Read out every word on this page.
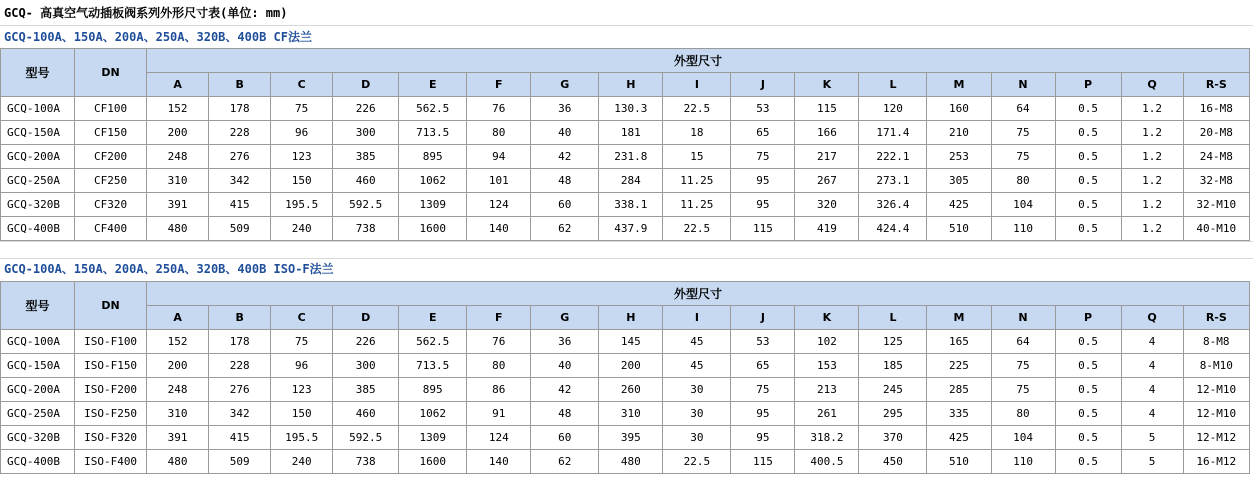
GCQ- 高真空气动插板阀系列外形尺寸表(单位: mm)
GCQ-100A、150A、200A、250A、320B、400B CF法兰
型号	DN	外型尺寸																
		A	B	C	D	E	F	G	H	I	J	K	L	M	N	P	Q	R-S
GCQ-100A	CF100	152	178	75	226	562.5	76	36	130.3	22.5	53	115	120	160	64	0.5	1.2	16-M8
GCQ-150A	CF150	200	228	96	300	713.5	80	40	181	18	65	166	171.4	210	75	0.5	1.2	20-M8
GCQ-200A	CF200	248	276	123	385	895	94	42	231.8	15	75	217	222.1	253	75	0.5	1.2	24-M8
GCQ-250A	CF250	310	342	150	460	1062	101	48	284	11.25	95	267	273.1	305	80	0.5	1.2	32-M8
GCQ-320B	CF320	391	415	195.5	592.5	1309	124	60	338.1	11.25	95	320	326.4	425	104	0.5	1.2	32-M10
GCQ-400B	CF400	480	509	240	738	1600	140	62	437.9	22.5	115	419	424.4	510	110	0.5	1.2	40-M10
GCQ-100A、150A、200A、250A、320B、400B ISO-F法兰
型号	DN	外型尺寸																
		A	B	C	D	E	F	G	H	I	J	K	L	M	N	P	Q	R-S
GCQ-100A	ISO-F100	152	178	75	226	562.5	76	36	145	45	53	102	125	165	64	0.5	4	8-M8
GCQ-150A	ISO-F150	200	228	96	300	713.5	80	40	200	45	65	153	185	225	75	0.5	4	8-M10
GCQ-200A	ISO-F200	248	276	123	385	895	86	42	260	30	75	213	245	285	75	0.5	4	12-M10
GCQ-250A	ISO-F250	310	342	150	460	1062	91	48	310	30	95	261	295	335	80	0.5	4	12-M10
GCQ-320B	ISO-F320	391	415	195.5	592.5	1309	124	60	395	30	95	318.2	370	425	104	0.5	5	12-M12
GCQ-400B	ISO-F400	480	509	240	738	1600	140	62	480	22.5	115	400.5	450	510	110	0.5	5	16-M12
